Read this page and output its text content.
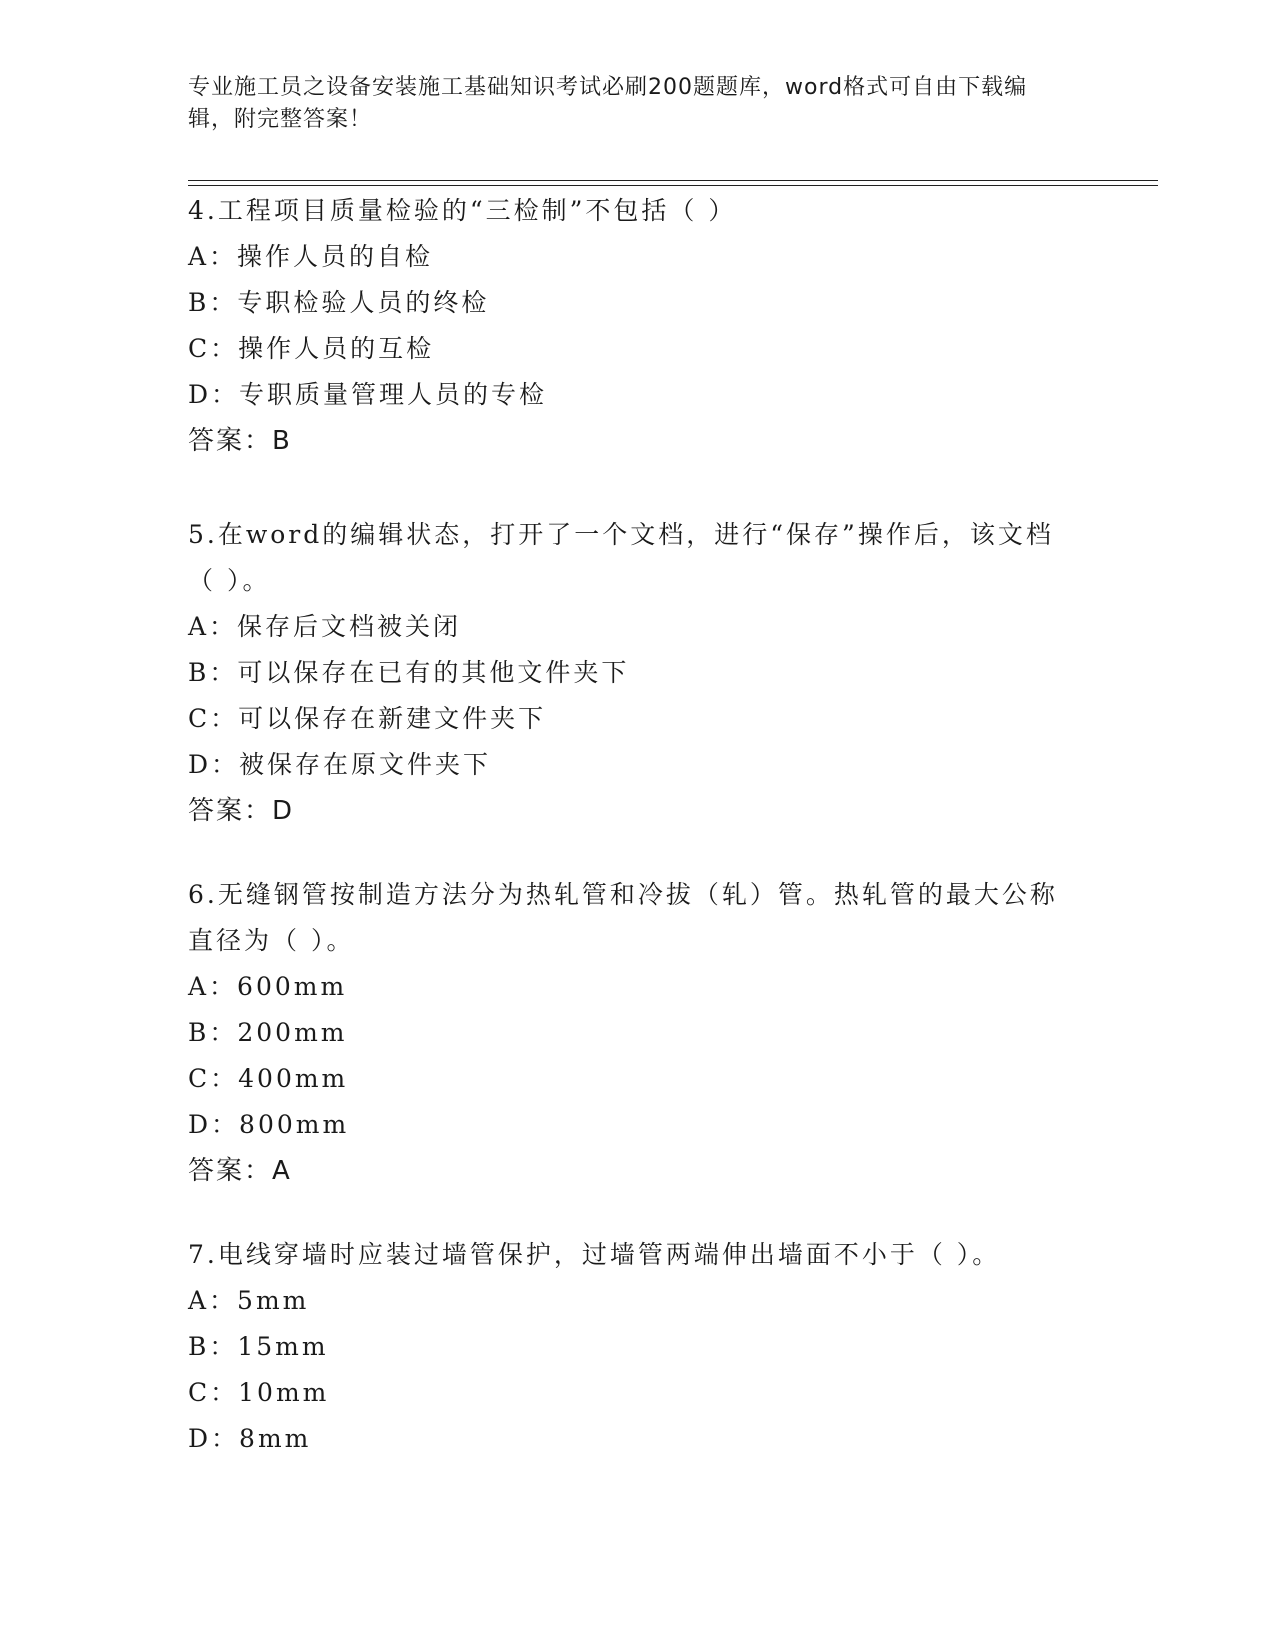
专业施工员之设备安装施工基础知识考试必刷200题题库，word格式可自由下载编辑，附完整答案！
4.工程项目质量检验的“三检制”不包括（ ）
A：操作人员的自检
B：专职检验人员的终检
C：操作人员的互检
D：专职质量管理人员的专检
答案：B
5.在word的编辑状态，打开了一个文档，进行“保存”操作后，该文档（ ）。
A：保存后文档被关闭
B：可以保存在已有的其他文件夹下
C：可以保存在新建文件夹下
D：被保存在原文件夹下
答案：D
6.无缝钢管按制造方法分为热轧管和冷拔（轧）管。热轧管的最大公称直径为（ ）。
A：600mm
B：200mm
C：400mm
D：800mm
答案：A
7.电线穿墙时应装过墙管保护，过墙管两端伸出墙面不小于（ ）。
A：5mm
B：15mm
C：10mm
D：8mm
